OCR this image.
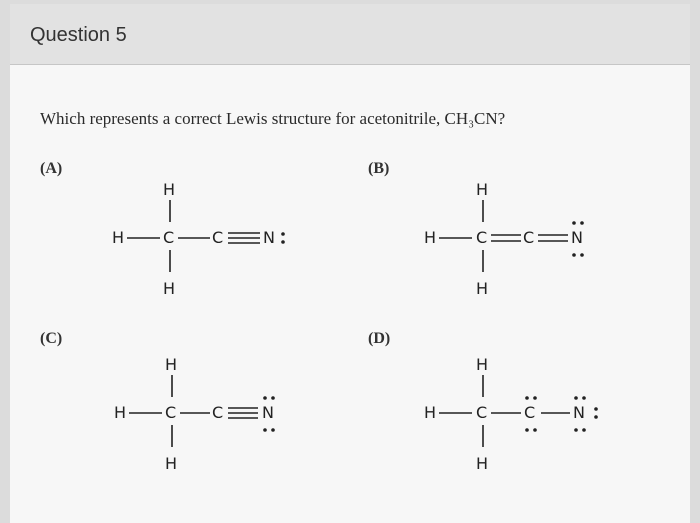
Question 5
Which represents a correct Lewis structure for acetonitrile, CH₃CN?
(A)	(B)
(C)	(D)
H
H C C N
H
H
H C C N
H
H
H C C N
H
H
H C C N
H
